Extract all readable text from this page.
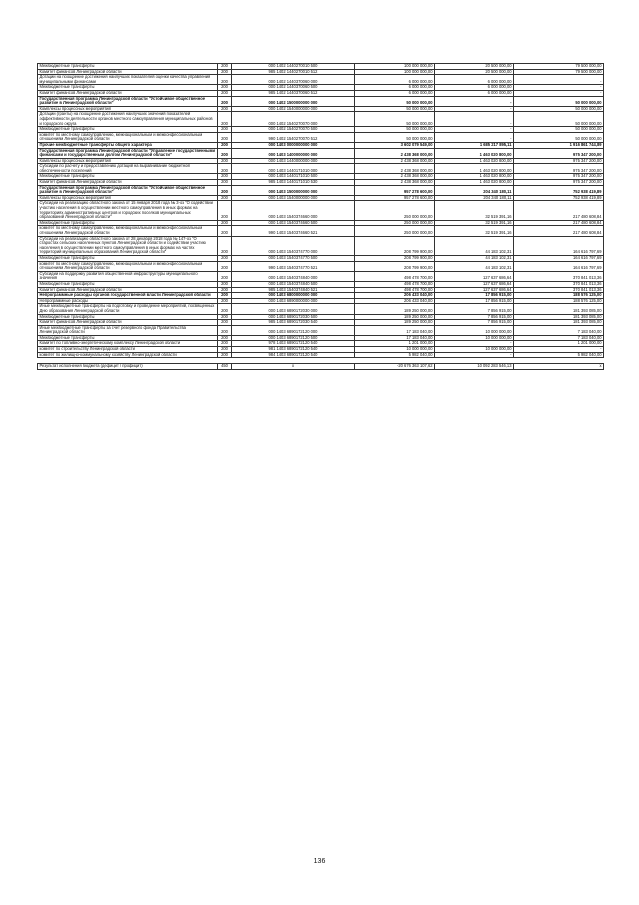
Межбюджетные трансферты	200	000 1402 1440270010 500	100 000 000,00	20 500 000,00	79 500 000,00
Комитет финансов Ленинградской области	200	985 1402 1440270010 512	100 000 000,00	20 500 000,00	79 500 000,00
Дотации на поощрение достижения наилучших показателей оценки качества управления муниципальными финансами	200	000 1402 1440370060 000	6 000 000,00	6 000 000,00	-
Межбюджетные трансферты	200	000 1402 1440370060 500	6 000 000,00	6 000 000,00	-
Комитет финансов Ленинградской области	200	985 1402 1440370060 512	6 000 000,00	6 000 000,00	-
Государственная программа Ленинградской области "Устойчивое общественное развитие в Ленинградской области"	200	000 1402 1500000000 000	50 000 000,00	-	50 000 000,00
Комплексы процессных мероприятий	200	000 1402 1540000000 000	50 000 000,00	-	50 000 000,00
Дотации (гранты) на поощрение достижения наилучших значений показателей эффективности деятельности органов местного самоуправления муниципальных районов и городского округа	200	000 1402 1540270070 000	50 000 000,00	-	50 000 000,00
Межбюджетные трансферты	200	000 1402 1540270070 500	50 000 000,00	-	50 000 000,00
комитет по местному самоуправлению, межнациональным и межконфессиональным отношениям Ленинградской области	200	990 1402 1540270070 512	50 000 000,00	-	50 000 000,00
Прочие межбюджетные трансферты общего характера	200	000 1403 0000000000 000	3 602 079 549,00	1 685 217 895,11	1 916 861 744,89
Государственная программа Ленинградской области "Управление государственными финансами и государственным долгом Ленинградской области"	200	000 1403 1400000000 000	2 438 368 000,00	1 463 020 800,00	975 347 200,00
Комплексы процессных мероприятий	200	000 1403 1440000000 000	2 438 368 000,00	1 463 020 800,00	975 347 200,00
Субсидии по расчету и предоставлению дотаций на выравнивание бюджетной обеспеченности поселений	200	000 1403 1440171010 000	2 438 368 000,00	1 463 020 800,00	975 347 200,00
Межбюджетные трансферты	200	000 1403 1440171010 500	2 438 368 000,00	1 463 020 800,00	975 347 200,00
Комитет финансов Ленинградской области	200	985 1403 1440171010 530	2 438 368 000,00	1 463 020 800,00	975 347 200,00
Государственная программа Ленинградской области "Устойчивое общественное развитие в Ленинградской области"	200	000 1403 1500000000 000	957 278 600,00	204 340 180,11	752 938 419,89
Комплексы процессных мероприятий	200	000 1403 1540000000 000	957 278 600,00	204 340 180,11	752 938 419,89
Субсидии на реализацию областного закона от 15 января 2018 года № 3-оз "О содействии участию населения в осуществлении местного самоуправления в иных формах на территориях административных центров и городских поселков муниципальных образований Ленинградской области"	200	000 1403 1540374660 000	250 000 000,00	32 519 391,16	217 480 608,84
Межбюджетные трансферты	200	000 1403 1540374660 500	250 000 000,00	32 519 391,16	217 480 608,84
комитет по местному самоуправлению, межнациональным и межконфессиональным отношениям Ленинградской области	200	990 1403 1540374660 521	250 000 000,00	32 519 391,16	217 480 608,84
Субсидии на реализацию областного закона от 28 декабря 2018 года № 147-оз "О старостах сельских населенных пунктов Ленинградской области и содействии участию населения в осуществлении местного самоуправления в иных формах на частях территорий муниципальных образований Ленинградской области"	200	000 1403 1540374770 000	208 799 900,00	44 183 102,31	164 616 797,69
Межбюджетные трансферты	200	000 1403 1540374770 500	208 799 900,00	44 183 102,31	164 616 797,69
комитет по местному самоуправлению, межнациональным и межконфессиональным отношениям Ленинградской области	200	990 1403 1540374770 521	208 799 900,00	44 183 102,31	164 616 797,69
Субсидии на поддержку развития общественной инфраструктуры муниципального значения	200	000 1403 1540374840 000	498 478 700,00	127 637 686,64	370 841 013,36
Межбюджетные трансферты	200	000 1403 1540374840 500	498 478 700,00	127 637 686,64	370 841 013,36
Комитет финансов Ленинградской области	200	985 1403 1540374840 521	498 478 700,00	127 637 686,64	370 841 013,36
Непрограммные расходы органов государственной власти Ленинградской области	200	000 1403 6800000000 000	206 433 040,00	17 856 915,00	188 576 125,00
Непрограммные расходы	200	000 1403 6890000000 000	206 433 040,00	17 856 915,00	188 576 125,00
Иные межбюджетные трансферты на подготовку и проведение мероприятий, посвященных Дню образования Ленинградской области	200	000 1403 6890172030 000	189 250 000,00	7 856 915,00	181 393 085,00
Межбюджетные трансферты	200	000 1403 6890172030 500	189 250 000,00	7 856 915,00	181 393 085,00
Комитет финансов Ленинградской области	200	985 1403 6890172030 540	189 250 000,00	7 856 915,00	181 393 085,00
Иные межбюджетные трансферты за счет резервного фонда Правительства Ленинградской области	200	000 1403 6890172120 000	17 183 040,00	10 000 000,00	7 183 040,00
Межбюджетные трансферты	200	000 1403 6890172120 500	17 183 040,00	10 000 000,00	7 183 040,00
Комитет по топливно-энергетическому комплексу Ленинградской области	200	978 1403 6890172120 540	1 201 000,00	-	1 201 000,00
комитет по строительству Ленинградской области	200	981 1403 6890172120 540	10 000 000,00	10 000 000,00	-
комитет по жилищно-коммунальному хозяйству Ленинградской области	200	984 1403 6890172120 540	5 982 040,00	-	5 982 040,00

Результат исполнения бюджета (дефицит / профицит)	450	x	-20 676 363 107,62	10 092 283 546,13	x
136
